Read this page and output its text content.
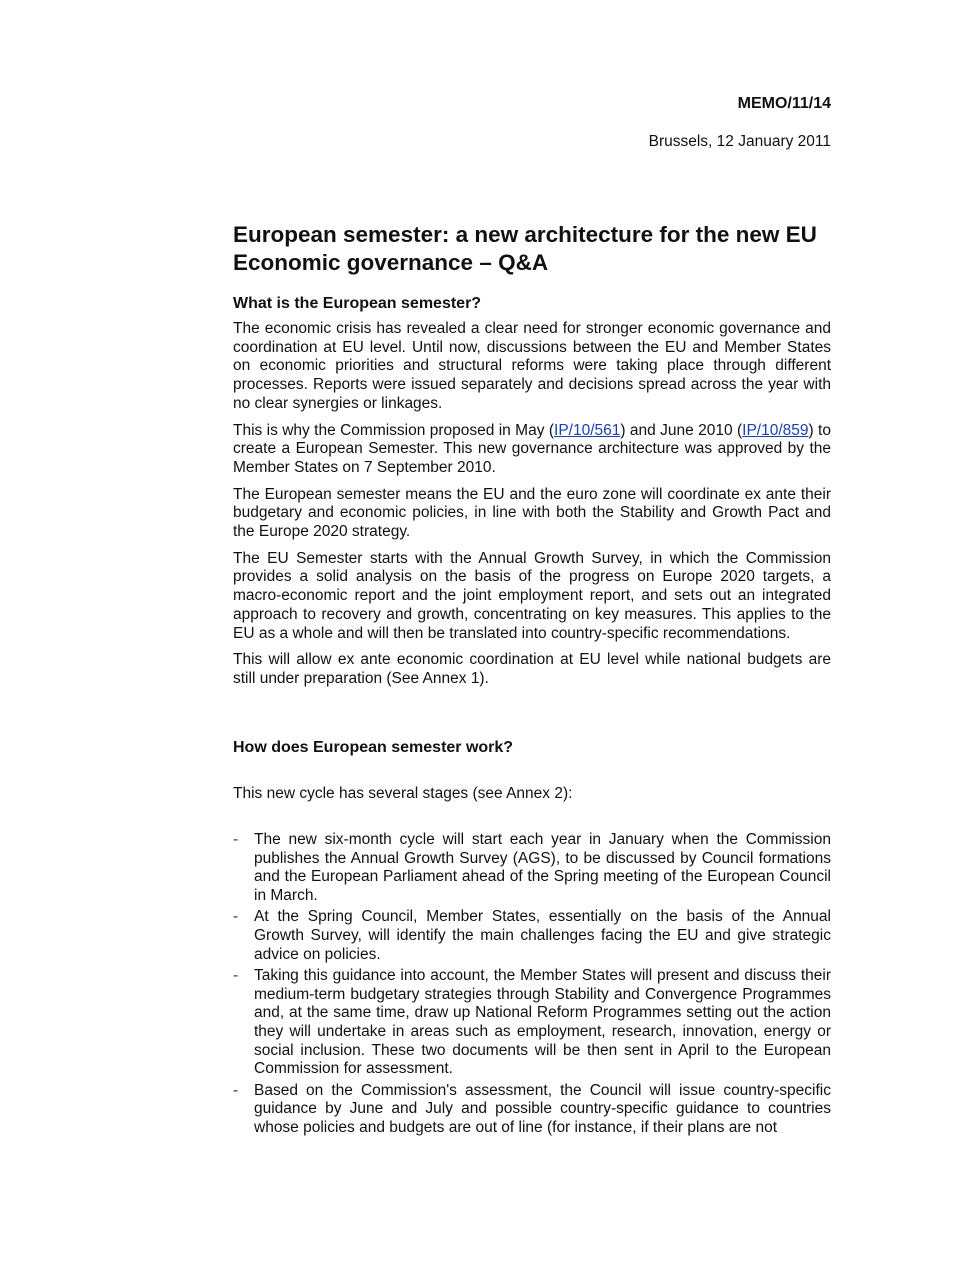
MEMO/11/14
Brussels, 12 January 2011
European semester: a new architecture for the new EU Economic governance – Q&A
What is the European semester?

The economic crisis has revealed a clear need for stronger economic governance and coordination at EU level. Until now, discussions between the EU and Member States on economic priorities and structural reforms were taking place through different processes. Reports were issued separately and decisions spread across the year with no clear synergies or linkages.

This is why the Commission proposed in May (IP/10/561) and June 2010 (IP/10/859) to create a European Semester. This new governance architecture was approved by the Member States on 7 September 2010.

The European semester means the EU and the euro zone will coordinate ex ante their budgetary and economic policies, in line with both the Stability and Growth Pact and the Europe 2020 strategy.

The EU Semester starts with the Annual Growth Survey, in which the Commission provides a solid analysis on the basis of the progress on Europe 2020 targets, a macro-economic report and the joint employment report, and sets out an integrated approach to recovery and growth, concentrating on key measures. This applies to the EU as a whole and will then be translated into country-specific recommendations.

This will allow ex ante economic coordination at EU level while national budgets are still under preparation (See Annex 1).

How does European semester work?

This new cycle has several stages (see Annex 2):

- The new six-month cycle will start each year in January when the Commission publishes the Annual Growth Survey (AGS), to be discussed by Council formations and the European Parliament ahead of the Spring meeting of the European Council in March.
- At the Spring Council, Member States, essentially on the basis of the Annual Growth Survey, will identify the main challenges facing the EU and give strategic advice on policies.
- Taking this guidance into account, the Member States will present and discuss their medium-term budgetary strategies through Stability and Convergence Programmes and, at the same time, draw up National Reform Programmes setting out the action they will undertake in areas such as employment, research, innovation, energy or social inclusion. These two documents will be then sent in April to the European Commission for assessment.
- Based on the Commission's assessment, the Council will issue country-specific guidance by June and July and possible country-specific guidance to countries whose policies and budgets are out of line (for instance, if their plans are not
